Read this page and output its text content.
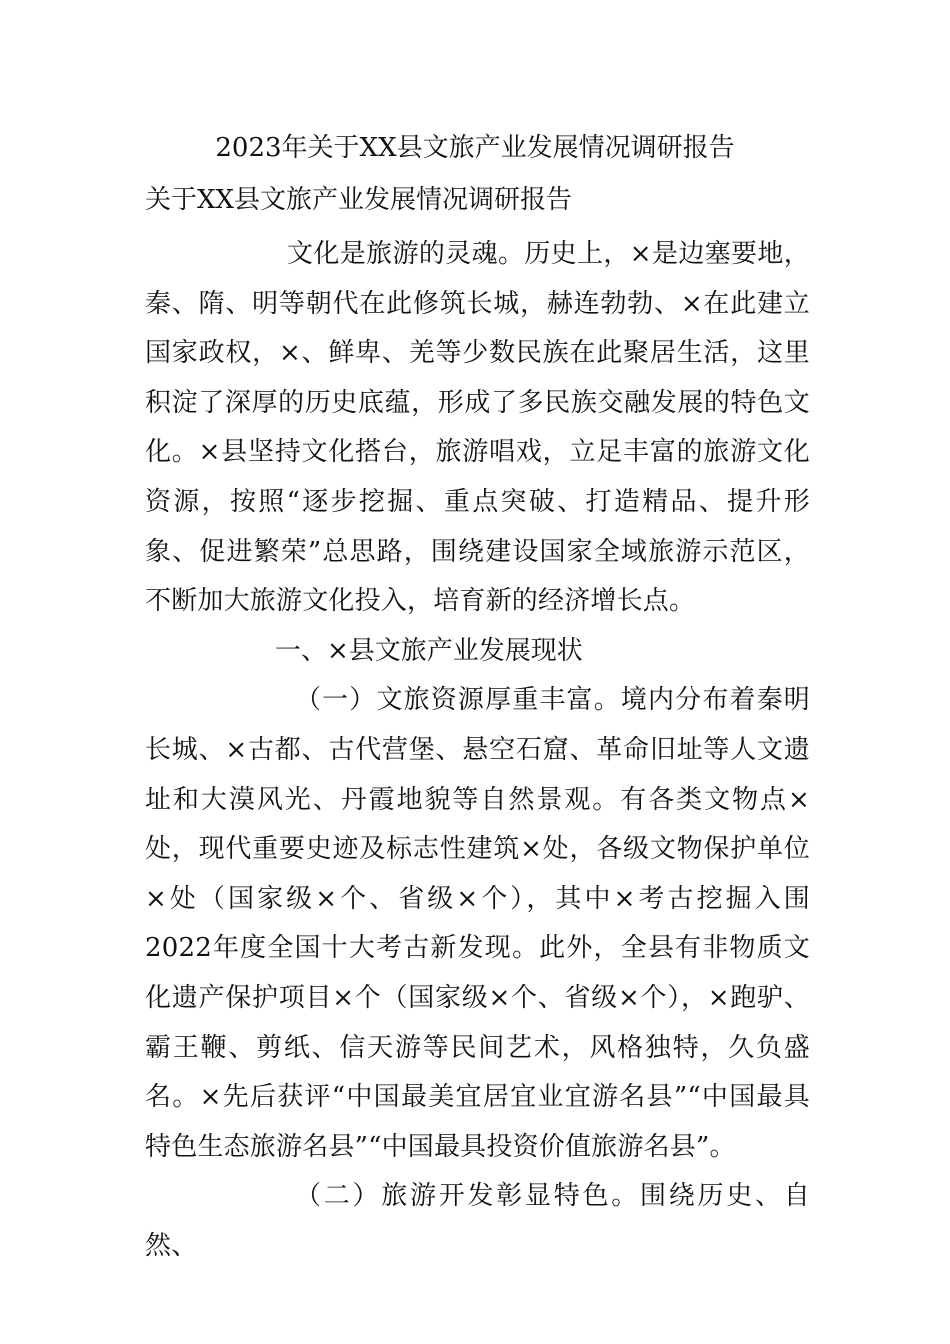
2023年关于XX县文旅产业发展情况调研报告
关于XX县文旅产业发展情况调研报告

文化是旅游的灵魂。历史上，×是边塞要地，秦、隋、明等朝代在此修筑长城，赫连勃勃、×在此建立国家政权，×、鲜卑、羌等少数民族在此聚居生活，这里积淀了深厚的历史底蕴，形成了多民族交融发展的特色文化。×县坚持文化搭台，旅游唱戏，立足丰富的旅游文化资源，按照“逐步挖掘、重点突破、打造精品、提升形象、促进繁荣”总思路，围绕建设国家全域旅游示范区，不断加大旅游文化投入，培育新的经济增长点。

一、×县文旅产业发展现状

（一）文旅资源厚重丰富。境内分布着秦明长城、×古都、古代营堡、悬空石窟、革命旧址等人文遗址和大漠风光、丹霞地貌等自然景观。有各类文物点×处，现代重要史迹及标志性建筑×处，各级文物保护单位×处（国家级×个、省级×个），其中×考古挖掘入围2022年度全国十大考古新发现。此外，全县有非物质文化遗产保护项目×个（国家级×个、省级×个），×跑驴、霸王鞭、剪纸、信天游等民间艺术，风格独特，久负盛名。×先后获评“中国最美宜居宜业宜游名县”“中国最具特色生态旅游名县”“中国最具投资价值旅游名县”。

（二）旅游开发彰显特色。围绕历史、自然、
